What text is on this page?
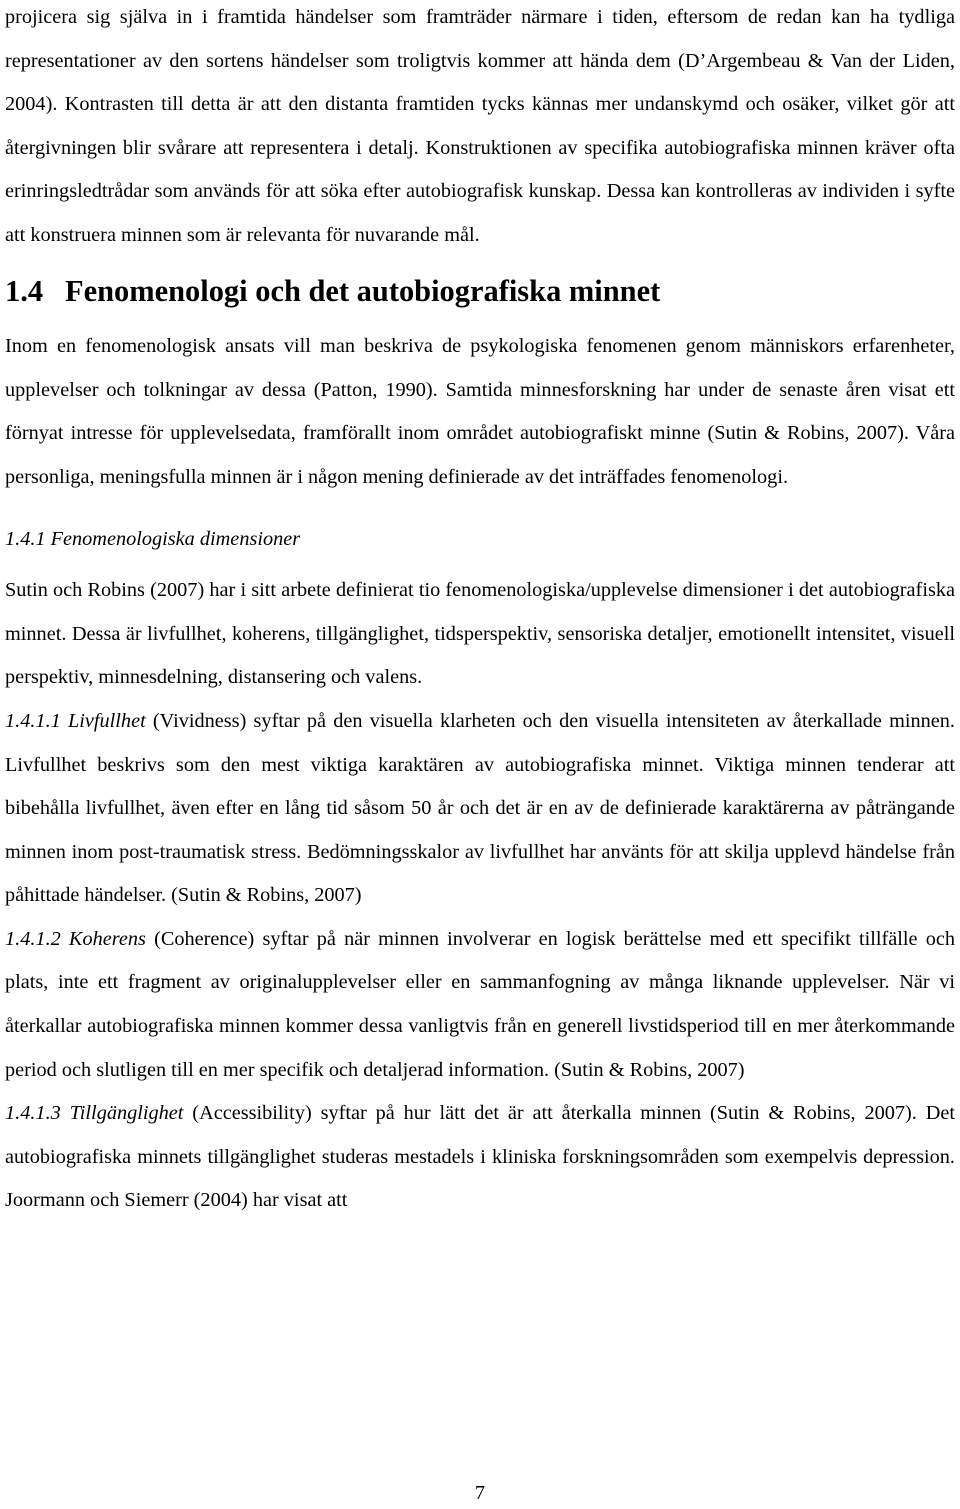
projicera sig själva in i framtida händelser som framträder närmare i tiden, eftersom de redan kan ha tydliga representationer av den sortens händelser som troligtvis kommer att hända dem (D’Argembeau & Van der Liden, 2004). Kontrasten till detta är att den distanta framtiden tycks kännas mer undanskymd och osäker, vilket gör att återgivningen blir svårare att representera i detalj. Konstruktionen av specifika autobiografiska minnen kräver ofta erinringsledtrådar som används för att söka efter autobiografisk kunskap. Dessa kan kontrolleras av individen i syfte att konstruera minnen som är relevanta för nuvarande mål.

1.4 Fenomenologi och det autobiografiska minnet

Inom en fenomenologisk ansats vill man beskriva de psykologiska fenomenen genom människors erfarenheter, upplevelser och tolkningar av dessa (Patton, 1990). Samtida minnesforskning har under de senaste åren visat ett förnyat intresse för upplevelsedata, framförallt inom området autobiografiskt minne (Sutin & Robins, 2007). Våra personliga, meningsfulla minnen är i någon mening definierade av det inträffades fenomenologi.

1.4.1 Fenomenologiska dimensioner

Sutin och Robins (2007) har i sitt arbete definierat tio fenomenologiska/upplevelse dimensioner i det autobiografiska minnet. Dessa är livfullhet, koherens, tillgänglighet, tidsperspektiv, sensoriska detaljer, emotionellt intensitet, visuell perspektiv, minnesdelning, distansering och valens.

1.4.1.1 Livfullhet (Vividness) syftar på den visuella klarheten och den visuella intensiteten av återkallade minnen. Livfullhet beskrivs som den mest viktiga karaktären av autobiografiska minnet. Viktiga minnen tenderar att bibehålla livfullhet, även efter en lång tid såsom 50 år och det är en av de definierade karaktärerna av påträngande minnen inom post-traumatisk stress. Bedömningsskalor av livfullhet har använts för att skilja upplevd händelse från påhittade händelser. (Sutin & Robins, 2007)

1.4.1.2 Koherens (Coherence) syftar på när minnen involverar en logisk berättelse med ett specifikt tillfälle och plats, inte ett fragment av originalupplevelser eller en sammanfogning av många liknande upplevelser. När vi återkallar autobiografiska minnen kommer dessa vanligtvis från en generell livstidsperiod till en mer återkommande period och slutligen till en mer specifik och detaljerad information. (Sutin & Robins, 2007)

1.4.1.3 Tillgänglighet (Accessibility) syftar på hur lätt det är att återkalla minnen (Sutin & Robins, 2007). Det autobiografiska minnets tillgänglighet studeras mestadels i kliniska forskningsområden som exempelvis depression. Joormann och Siemerr (2004) har visat att

7
